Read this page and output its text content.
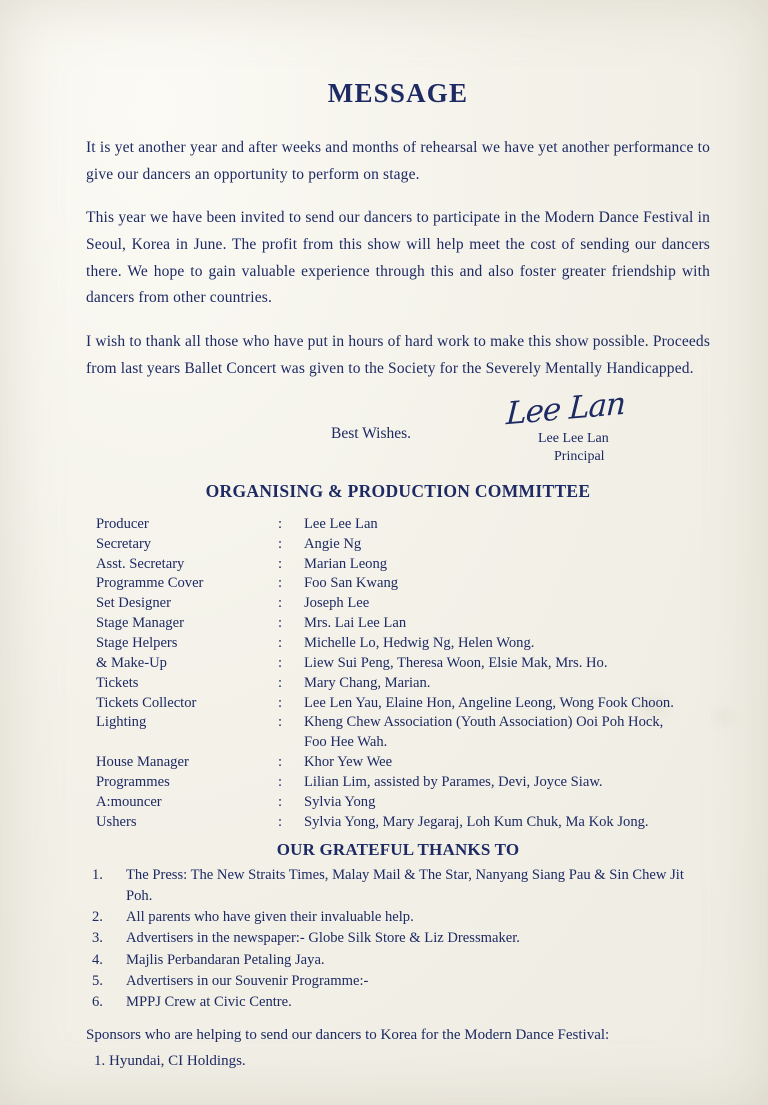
MESSAGE

It is yet another year and after weeks and months of rehearsal we have yet another performance to give our dancers an opportunity to perform on stage.

This year we have been invited to send our dancers to participate in the Modern Dance Festival in Seoul, Korea in June. The profit from this show will help meet the cost of sending our dancers there. We hope to gain valuable experience through this and also foster greater friendship with dancers from other countries.

I wish to thank all those who have put in hours of hard work to make this show possible. Proceeds from last years Ballet Concert was given to the Society for the Severely Mentally Handicapped.

Best Wishes.
Lee Lan
Lee Lee Lan
Principal
ORGANISING & PRODUCTION COMMITTEE
Producer	:	Lee Lee Lan
Secretary	:	Angie Ng
Asst. Secretary	:	Marian Leong
Programme Cover	:	Foo San Kwang
Set Designer	:	Joseph Lee
Stage Manager	:	Mrs. Lai Lee Lan
Stage Helpers	:	Michelle Lo, Hedwig Ng, Helen Wong.
& Make-Up	:	Liew Sui Peng, Theresa Woon, Elsie Mak, Mrs. Ho.
Tickets	:	Mary Chang, Marian.
Tickets Collector	:	Lee Len Yau, Elaine Hon, Angeline Leong, Wong Fook Choon.
Lighting	:	Kheng Chew Association (Youth Association) Ooi Poh Hock,
		Foo Hee Wah.
House Manager	:	Khor Yew Wee
Programmes	:	Lilian Lim, assisted by Parames, Devi, Joyce Siaw.
A:mouncer	:	Sylvia Yong
Ushers	:	Sylvia Yong, Mary Jegaraj, Loh Kum Chuk, Ma Kok Jong.
OUR GRATEFUL THANKS TO
1.	The Press: The New Straits Times, Malay Mail & The Star, Nanyang Siang Pau & Sin Chew Jit Poh.
2.	All parents who have given their invaluable help.
3.	Advertisers in the newspaper:- Globe Silk Store & Liz Dressmaker.
4.	Majlis Perbandaran Petaling Jaya.
5.	Advertisers in our Souvenir Programme:-
6.	MPPJ Crew at Civic Centre.

Sponsors who are helping to send our dancers to Korea for the Modern Dance Festival:

1. Hyundai, CI Holdings.
